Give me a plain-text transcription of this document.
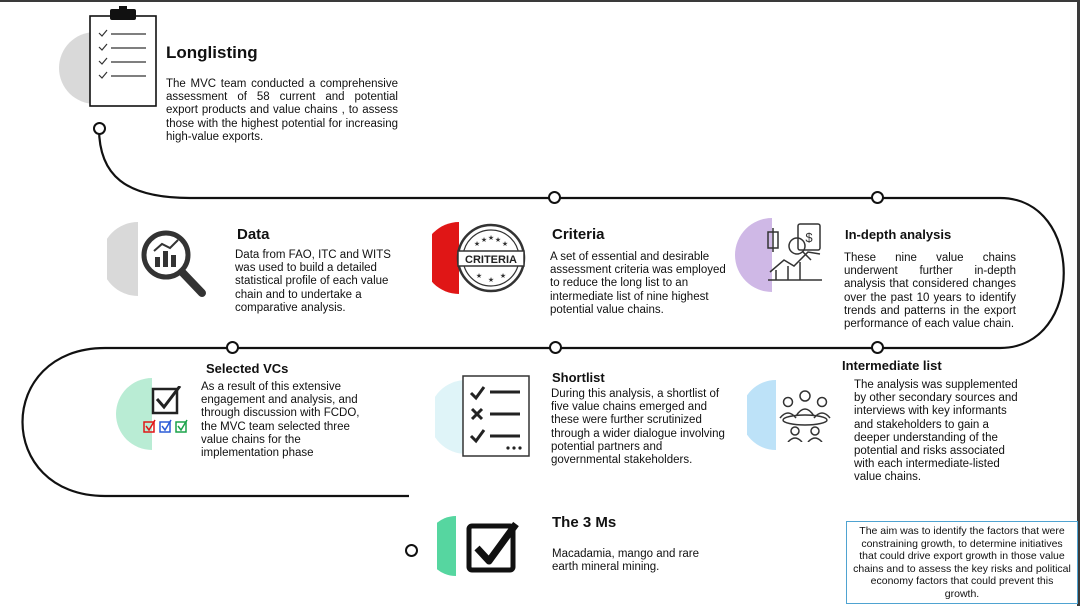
Longlisting
The MVC team conducted a comprehensive assessment of 58 current and potential export products and value chains , to assess those with the highest potential for increasing high-value exports.
Data
Data from FAO, ITC and WITS was used to build a detailed statistical profile of each value chain and to undertake a comparative analysis.
★ ★ ★ ★ ★
★ ★ ★
CRITERIA
Criteria
A set of essential and desirable assessment criteria was employed to reduce the long list to an intermediate list of nine highest potential value chains.
$ In-depth analysis
These nine value chains underwent further in-depth analysis that considered changes over the past 10 years to identify trends and patterns in the export performance of each value chain.
Selected VCs
As a result of this extensive engagement and analysis, and through discussion with FCDO, the MVC team selected three value chains for the implementation phase
Shortlist
During this analysis, a shortlist of five value chains emerged and these were further scrutinized through a wider dialogue involving potential partners and governmental stakeholders.
Intermediate list
The analysis was supplemented by other secondary sources and interviews with key informants and stakeholders to gain a deeper understanding of the potential and risks associated with each intermediate-listed value chains.
The 3 Ms
Macadamia, mango and rare earth mineral mining.
The aim was to identify the factors that were constraining growth, to determine initiatives that could drive export growth in those value chains and to assess the key risks and political economy factors that could prevent this growth.
